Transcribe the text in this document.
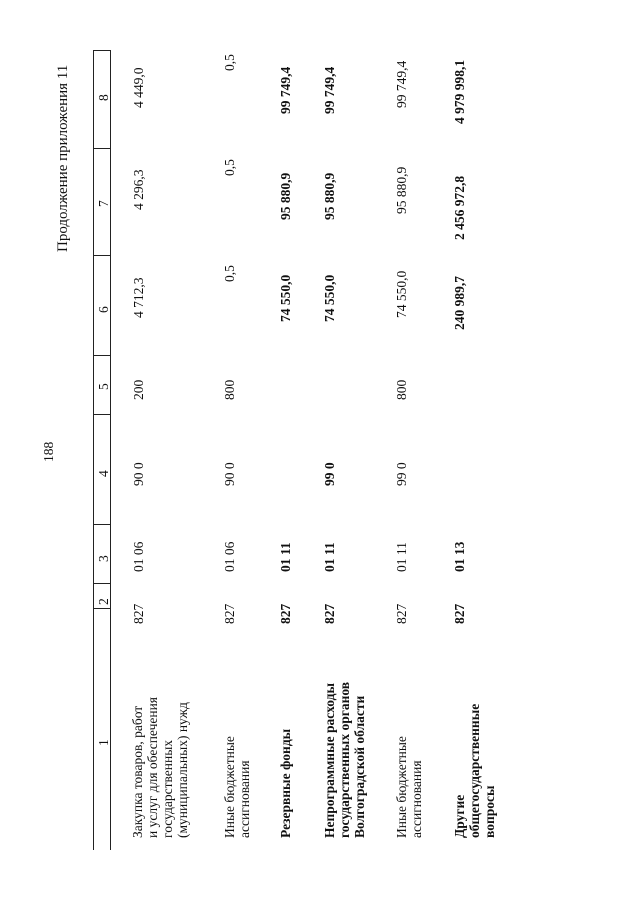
188
Продолжение приложения 11
1
2
3
4
5
6
7
8
Закупка товаров, работ и услуг для обеспечения государственных (муниципальных) нужд
827
01 06
90 0
200
4 712,3
4 296,3
4 449,0
Иные бюджетные ассигнования
827
01 06
90 0
800
0,5
0,5
0,5
Резервные фонды
827
01 11
74 550,0
95 880,9
99 749,4
Непрограммные расходы государственных органов Волгоградской области
827
01 11
99 0
74 550,0
95 880,9
99 749,4
Иные бюджетные ассигнования
827
01 11
99 0
800
74 550,0
95 880,9
99 749,4
Другие общегосударственные вопросы
827
01 13
240 989,7
2 456 972,8
4 979 998,1
